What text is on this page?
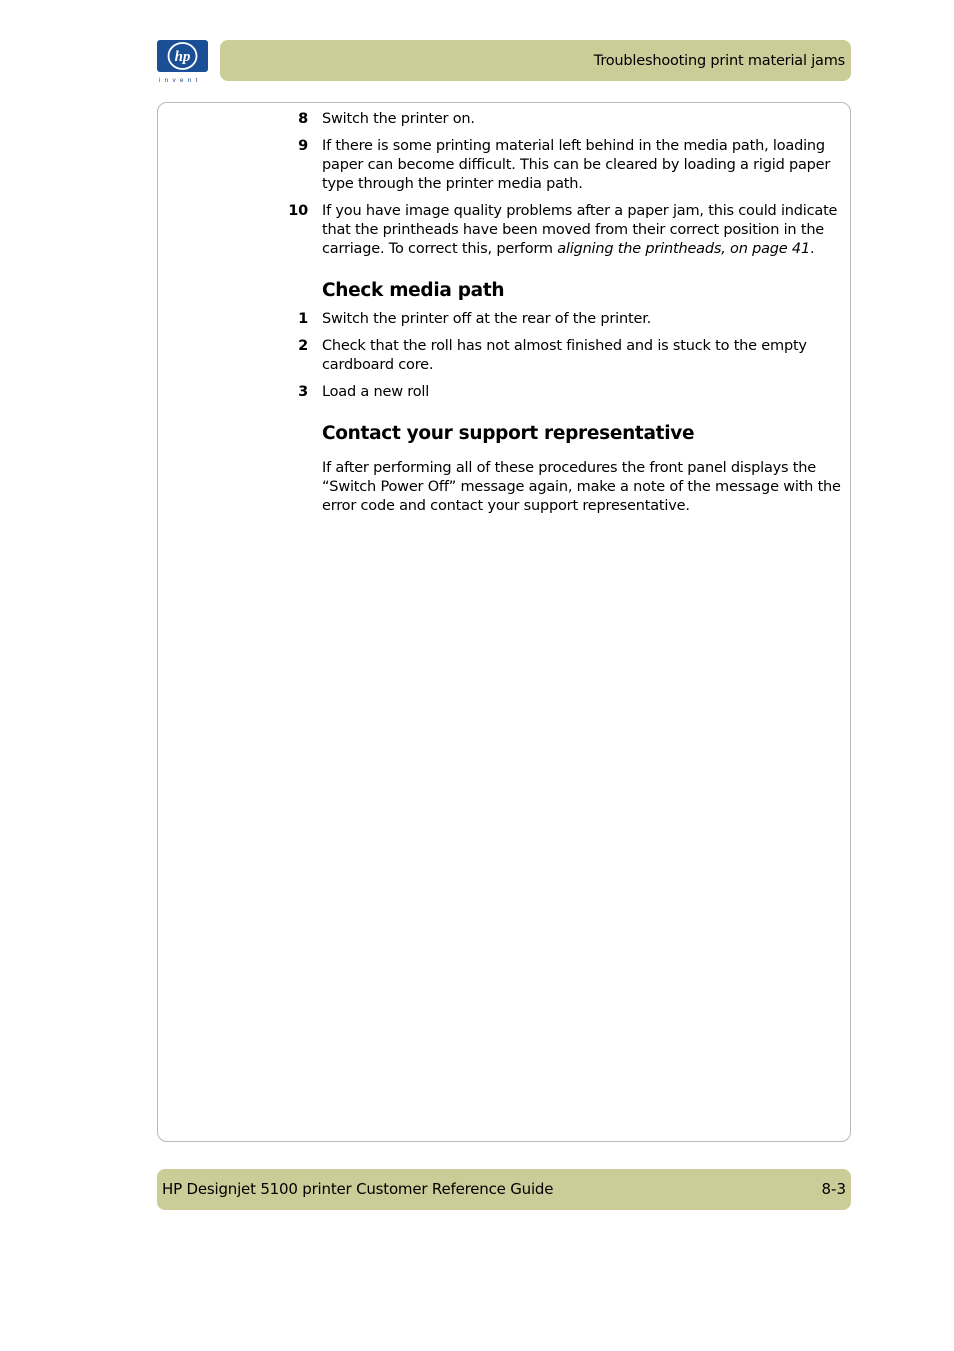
hp
invent
Troubleshooting print material jams
8 Switch the printer on.
9 If there is some printing material left behind in the media path, loading paper can become difficult. This can be cleared by loading a rigid paper type through the printer media path.
10 If you have image quality problems after a paper jam, this could indicate that the printheads have been moved from their correct position in the carriage. To correct this, perform aligning the printheads, on page 41.
Check media path
1 Switch the printer off at the rear of the printer.
2 Check that the roll has not almost finished and is stuck to the empty cardboard core.
3 Load a new roll
Contact your support representative
If after performing all of these procedures the front panel displays the “Switch Power Off” message again, make a note of the message with the error code and contact your support representative.
HP Designjet 5100 printer Customer Reference Guide	8-3
